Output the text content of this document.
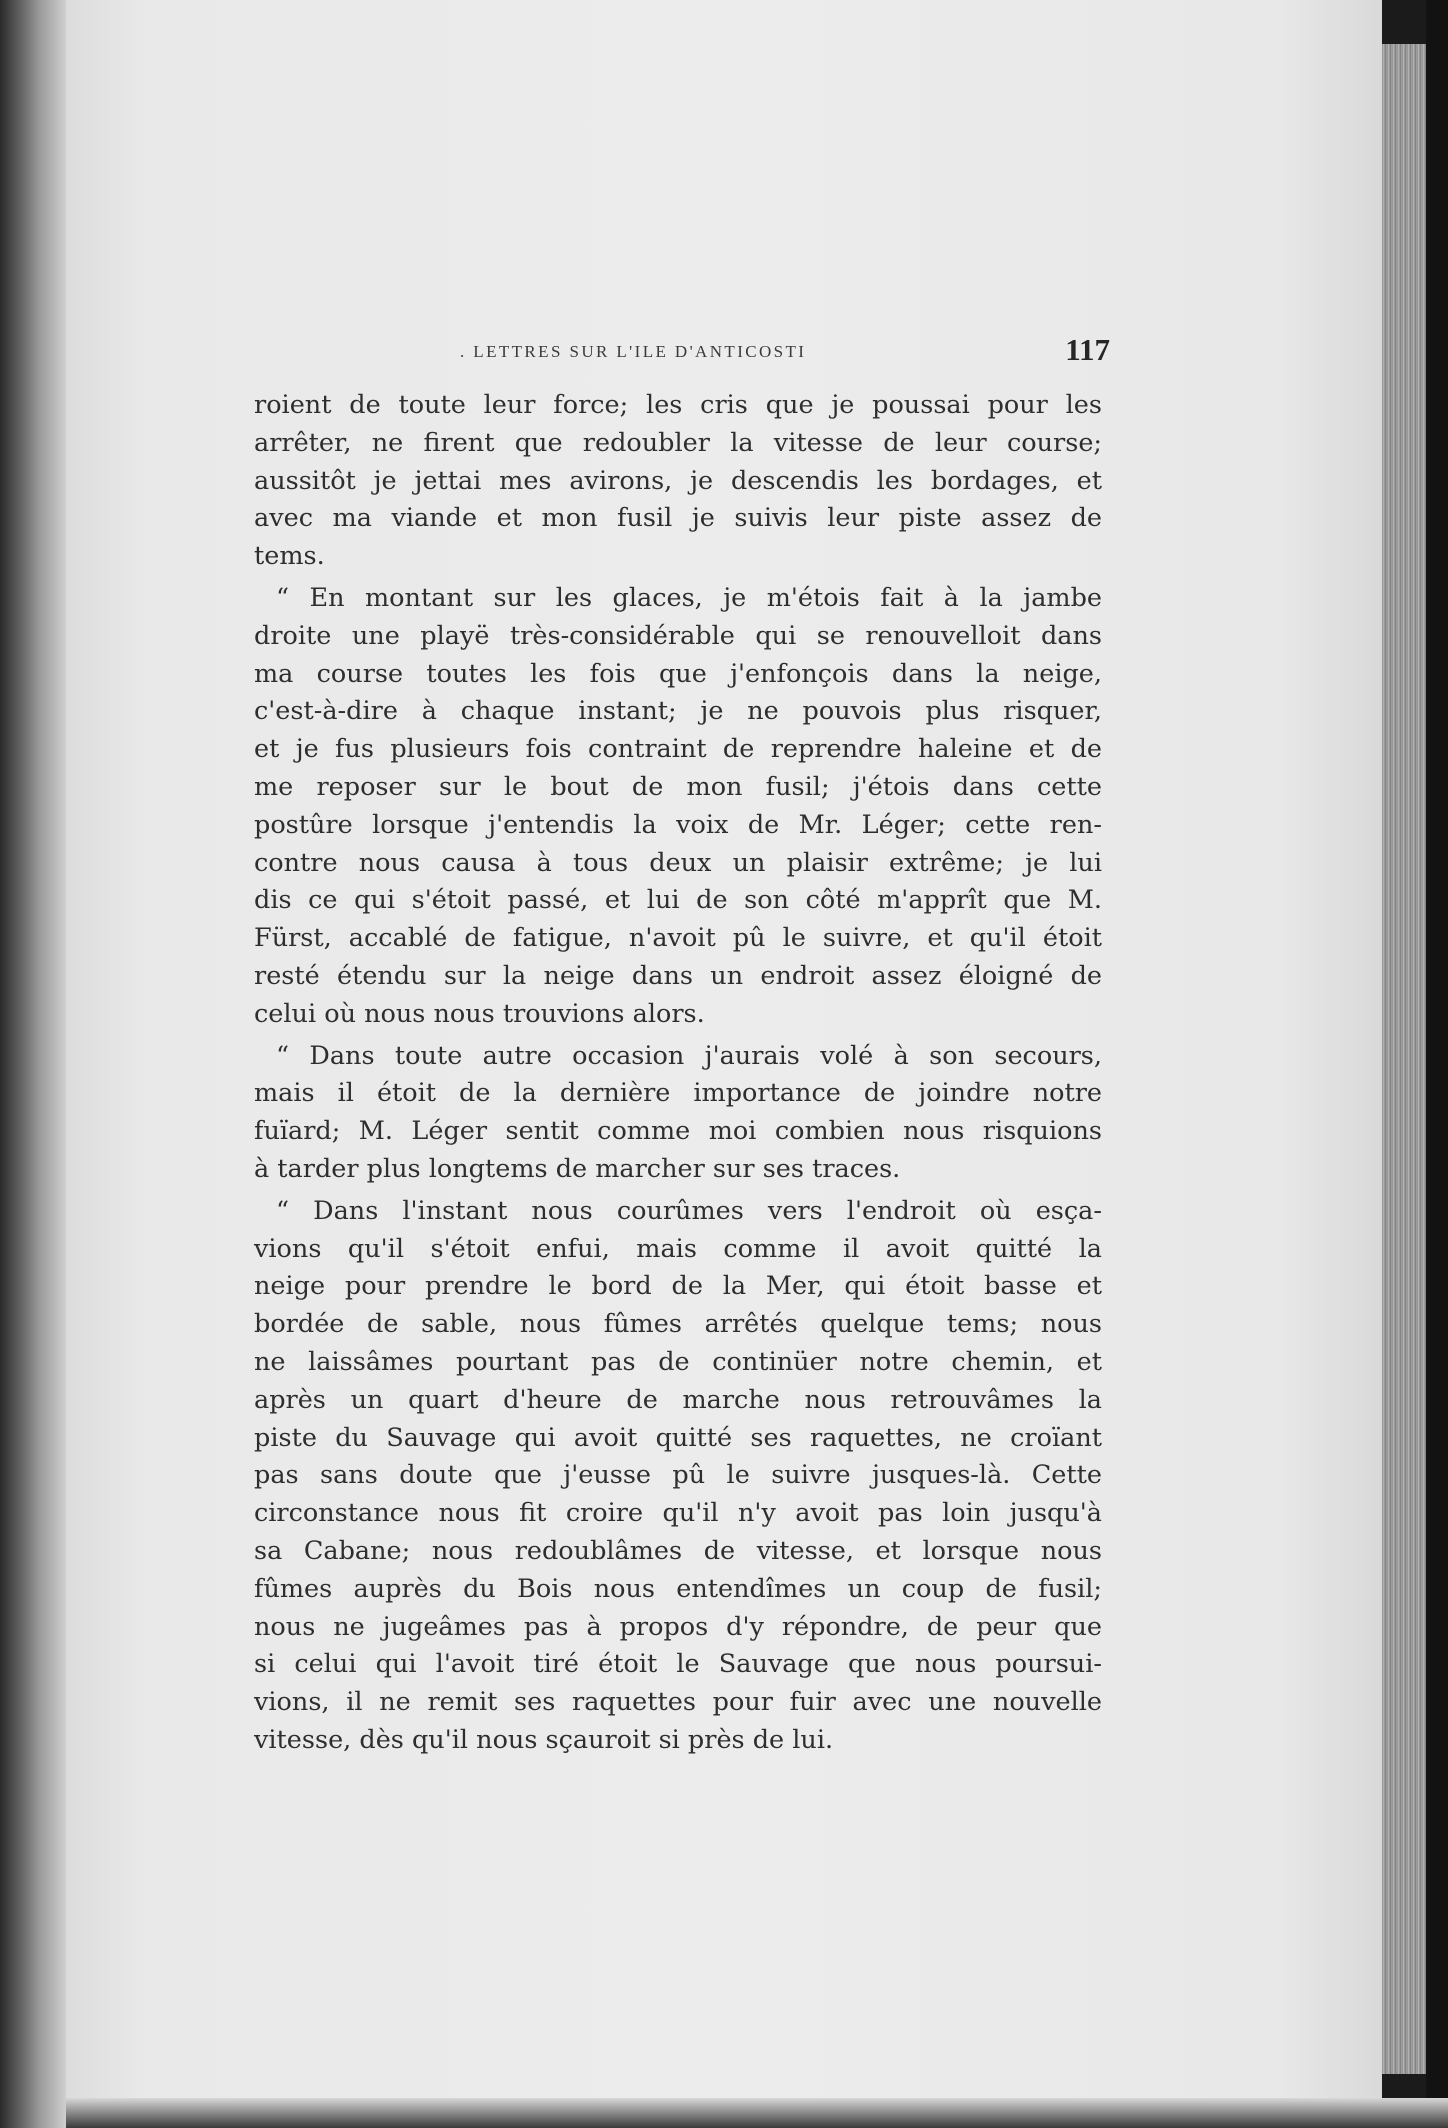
. LETTRES SUR L'ILE D'ANTICOSTI	117
roient de toute leur force; les cris que je poussai pour les
arrêter, ne firent que redoubler la vitesse de leur course;
aussitôt je jettai mes avirons, je descendis les bordages, et
avec ma viande et mon fusil je suivis leur piste assez de
tems.
“ En montant sur les glaces, je m'étois fait à la jambe
droite une playë très-considérable qui se renouvelloit dans
ma course toutes les fois que j'enfonçois dans la neige,
c'est-à-dire à chaque instant; je ne pouvois plus risquer,
et je fus plusieurs fois contraint de reprendre haleine et de
me reposer sur le bout de mon fusil; j'étois dans cette
postûre lorsque j'entendis la voix de Mr. Léger; cette ren-
contre nous causa à tous deux un plaisir extrême; je lui
dis ce qui s'étoit passé, et lui de son côté m'apprît que M.
Fürst, accablé de fatigue, n'avoit pû le suivre, et qu'il étoit
resté étendu sur la neige dans un endroit assez éloigné de
celui où nous nous trouvions alors.
“ Dans toute autre occasion j'aurais volé à son secours,
mais il étoit de la dernière importance de joindre notre
fuïard; M. Léger sentit comme moi combien nous risquions
à tarder plus longtems de marcher sur ses traces.
“ Dans l'instant nous courûmes vers l'endroit où esça-
vions qu'il s'étoit enfui, mais comme il avoit quitté la
neige pour prendre le bord de la Mer, qui étoit basse et
bordée de sable, nous fûmes arrêtés quelque tems; nous
ne laissâmes pourtant pas de continüer notre chemin, et
après un quart d'heure de marche nous retrouvâmes la
piste du Sauvage qui avoit quitté ses raquettes, ne croïant
pas sans doute que j'eusse pû le suivre jusques-là. Cette
circonstance nous fit croire qu'il n'y avoit pas loin jusqu'à
sa Cabane; nous redoublâmes de vitesse, et lorsque nous
fûmes auprès du Bois nous entendîmes un coup de fusil;
nous ne jugeâmes pas à propos d'y répondre, de peur que
si celui qui l'avoit tiré étoit le Sauvage que nous poursui-
vions, il ne remit ses raquettes pour fuir avec une nouvelle
vitesse, dès qu'il nous sçauroit si près de lui.
